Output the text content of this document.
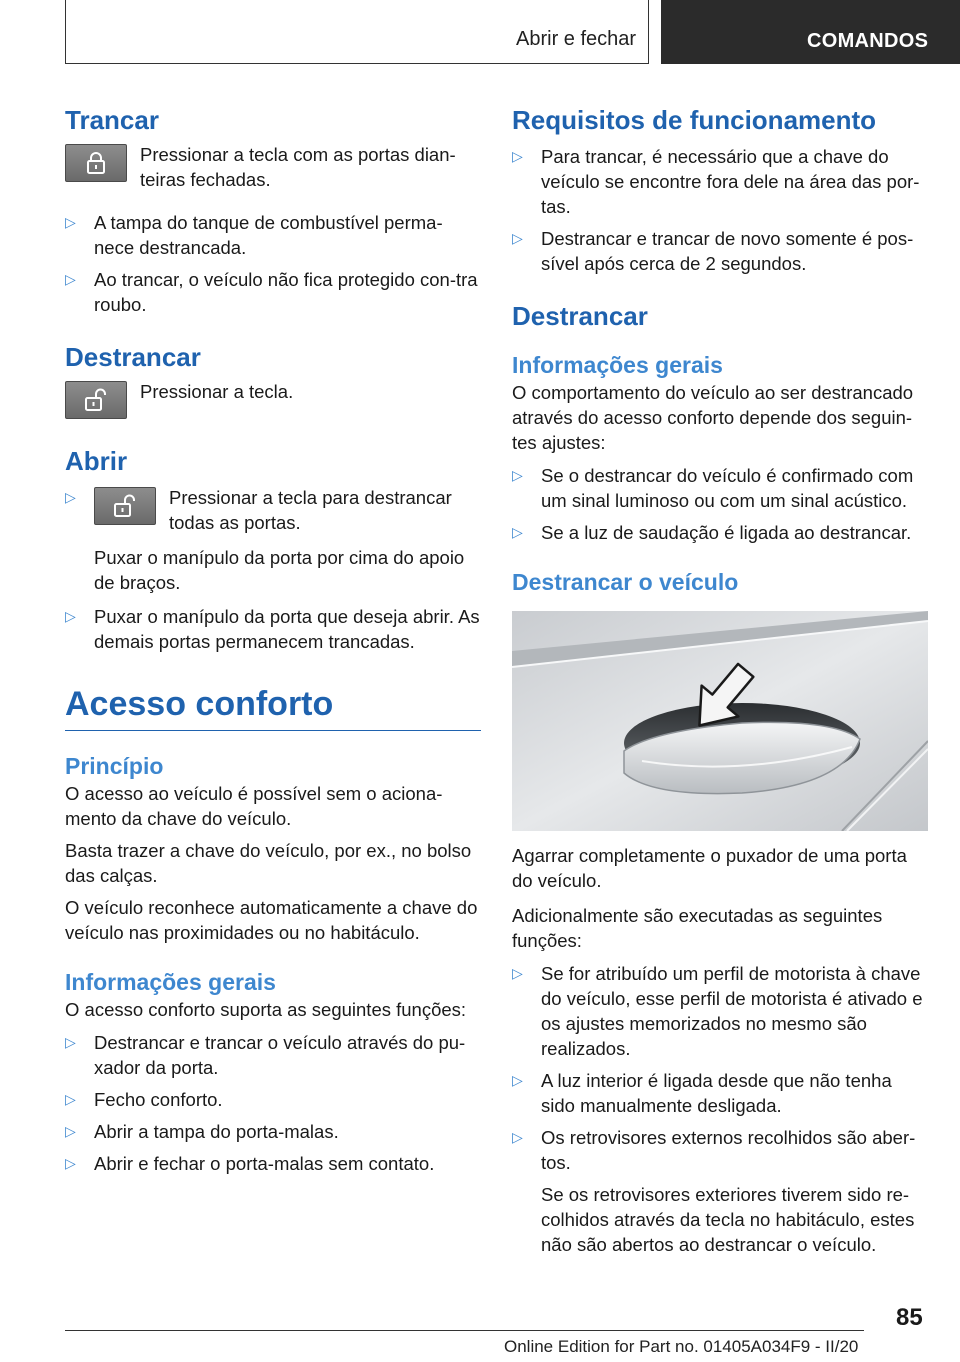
Abrir e fechar	COMANDOS
Trancar

Pressionar a tecla com as portas dian-teiras fechadas.

▷ A tampa do tanque de combustível perma-nece destrancada.
▷ Ao trancar, o veículo não fica protegido con-tra roubo.
Destrancar

Pressionar a tecla.

Abrir
▷ Pressionar a tecla para destrancar todas as portas.

Puxar o manípulo da porta por cima do apoio de braços.

▷ Puxar o manípulo da porta que deseja abrir. As demais portas permanecem trancadas.
Acesso conforto
Princípio

O acesso ao veículo é possível sem o aciona-mento da chave do veículo.

Basta trazer a chave do veículo, por ex., no bolso das calças.

O veículo reconhece automaticamente a chave do veículo nas proximidades ou no habitáculo.

Informações gerais

O acesso conforto suporta as seguintes funções:

▷ Destrancar e trancar o veículo através do pu-xador da porta.
▷ Fecho conforto.
▷ Abrir a tampa do porta-malas.
▷ Abrir e fechar o porta-malas sem contato.
Requisitos de funcionamento
▷ Para trancar, é necessário que a chave do veículo se encontre fora dele na área das por-tas.
▷ Destrancar e trancar de novo somente é pos-sível após cerca de 2 segundos.
Destrancar
Informações gerais

O comportamento do veículo ao ser destrancado através do acesso conforto depende dos seguin-tes ajustes:

▷ Se o destrancar do veículo é confirmado com um sinal luminoso ou com um sinal acústico.
▷ Se a luz de saudação é ligada ao destrancar.
Destrancar o veículo

Agarrar completamente o puxador de uma porta do veículo.

Adicionalmente são executadas as seguintes funções:

▷ Se for atribuído um perfil de motorista à chave do veículo, esse perfil de motorista é ativado e os ajustes memorizados no mesmo são realizados.
▷ A luz interior é ligada desde que não tenha sido manualmente desligada.
▷ Os retrovisores externos recolhidos são aber-tos.

Se os retrovisores exteriores tiverem sido re-colhidos através da tecla no habitáculo, estes não são abertos ao destrancar o veículo.

85
Online Edition for Part no. 01405A034F9 - II/20
